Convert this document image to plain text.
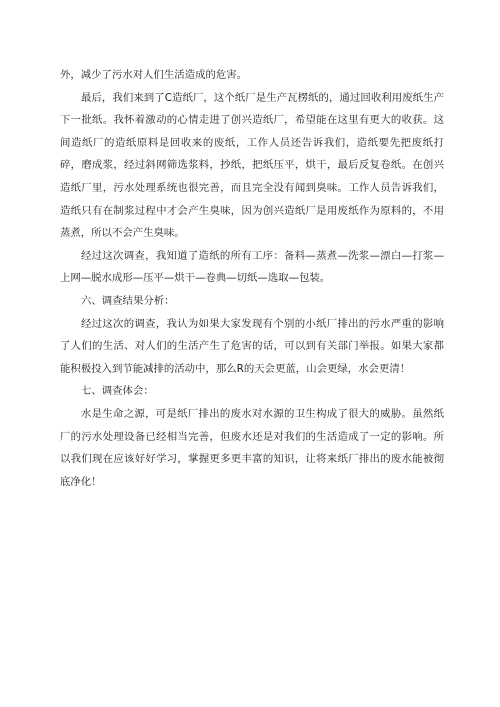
外，减少了污水对人们生活造成的危害。

最后，我们来到了C造纸厂，这个纸厂是生产瓦楞纸的，通过回收利用废纸生产下一批纸。我怀着激动的心情走进了创兴造纸厂，希望能在这里有更大的收获。这间造纸厂的造纸原料是回收来的废纸，工作人员还告诉我们，造纸要先把废纸打碎，磨成浆，经过斜网筛选浆料，抄纸，把纸压平，烘干，最后反复卷纸。在创兴造纸厂里，污水处理系统也很完善，而且完全没有闻到臭味。工作人员告诉我们，造纸只有在制浆过程中才会产生臭味，因为创兴造纸厂是用废纸作为原料的，不用蒸煮，所以不会产生臭味。

经过这次调查，我知道了造纸的所有工序：备料—蒸煮—洗浆—漂白—打浆—上网—脱水成形—压平—烘干—卷典—切纸—选取—包装。

六、调查结果分析：

经过这次的调查，我认为如果大家发现有个别的小纸厂排出的污水严重的影响了人们的生活、对人们的生活产生了危害的话，可以到有关部门举报。如果大家都能积极投入到节能减排的活动中，那么R的天会更蓝，山会更绿，水会更清！

七、调查体会：

水是生命之源，可是纸厂排出的废水对水源的卫生构成了很大的威胁。虽然纸厂的污水处理设备已经相当完善，但废水还是对我们的生活造成了一定的影响。所以我们现在应该好好学习，掌握更多更丰富的知识，让将来纸厂排出的废水能被彻底净化！
